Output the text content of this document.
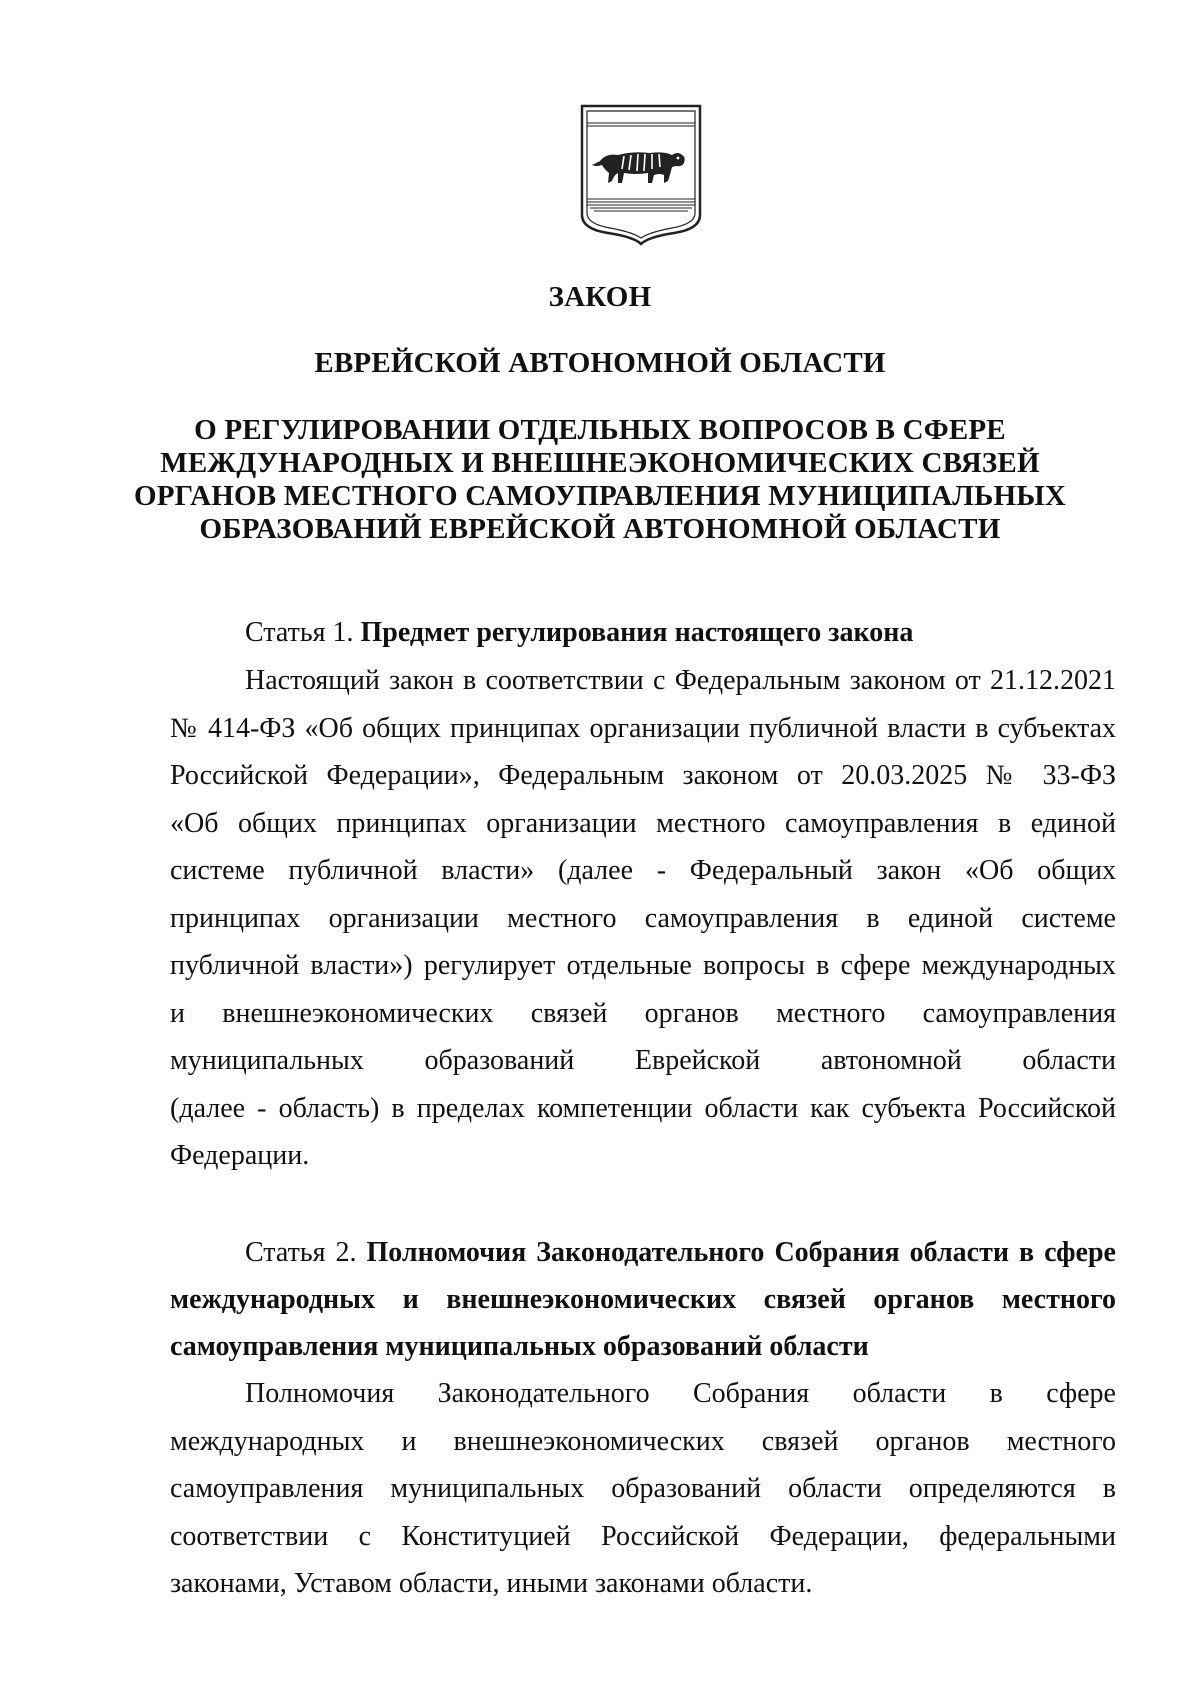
ЗАКОН
ЕВРЕЙСКОЙ АВТОНОМНОЙ ОБЛАСТИ
О РЕГУЛИРОВАНИИ ОТДЕЛЬНЫХ ВОПРОСОВ В СФЕРЕ
МЕЖДУНАРОДНЫХ И ВНЕШНЕЭКОНОМИЧЕСКИХ СВЯЗЕЙ
ОРГАНОВ МЕСТНОГО САМОУПРАВЛЕНИЯ МУНИЦИПАЛЬНЫХ
ОБРАЗОВАНИЙ ЕВРЕЙСКОЙ АВТОНОМНОЙ ОБЛАСТИ
Статья 1. Предмет регулирования настоящего закона
Настоящий закон в соответствии с Федеральным законом от 21.12.2021
№ 414-ФЗ «Об общих принципах организации публичной власти в субъектах
Российской Федерации», Федеральным законом от 20.03.2025 № 33-ФЗ
«Об общих принципах организации местного самоуправления в единой
системе публичной власти» (далее - Федеральный закон «Об общих
принципах организации местного самоуправления в единой системе
публичной власти») регулирует отдельные вопросы в сфере международных
и внешнеэкономических связей органов местного самоуправления
муниципальных образований Еврейской автономной области
(далее - область) в пределах компетенции области как субъекта Российской
Федерации.
Статья 2. Полномочия Законодательного Собрания области в сфере
международных и внешнеэкономических связей органов местного
самоуправления муниципальных образований области
Полномочия Законодательного Собрания области в сфере
международных и внешнеэкономических связей органов местного
самоуправления муниципальных образований области определяются в
соответствии с Конституцией Российской Федерации, федеральными
законами, Уставом области, иными законами области.
